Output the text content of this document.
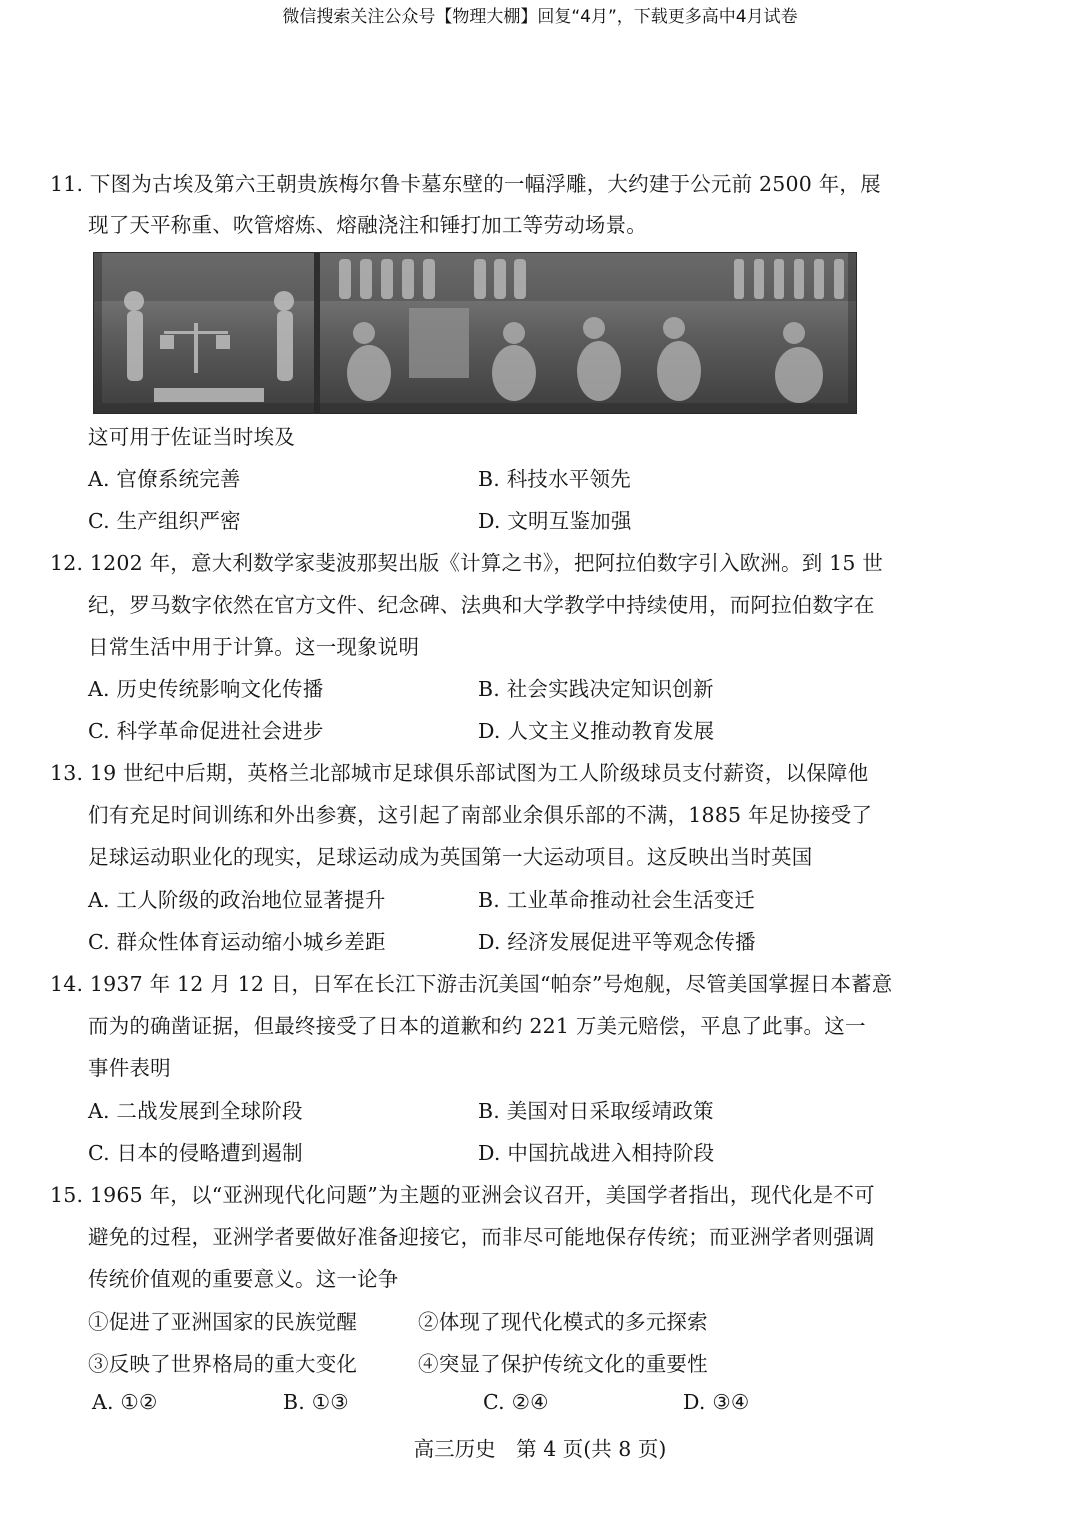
微信搜索关注公众号【物理大棚】回复“4月”，下载更多高中4月试卷
11. 下图为古埃及第六王朝贵族梅尔鲁卡墓东壁的一幅浮雕，大约建于公元前 2500 年，展
现了天平称重、吹管熔炼、熔融浇注和锤打加工等劳动场景。
这可用于佐证当时埃及
A. 官僚系统完善	B. 科技水平领先
C. 生产组织严密	D. 文明互鉴加强
12. 1202 年，意大利数学家斐波那契出版《计算之书》，把阿拉伯数字引入欧洲。到 15 世
纪，罗马数字依然在官方文件、纪念碑、法典和大学教学中持续使用，而阿拉伯数字在
日常生活中用于计算。这一现象说明
A. 历史传统影响文化传播	B. 社会实践决定知识创新
C. 科学革命促进社会进步	D. 人文主义推动教育发展
13. 19 世纪中后期，英格兰北部城市足球俱乐部试图为工人阶级球员支付薪资，以保障他
们有充足时间训练和外出参赛，这引起了南部业余俱乐部的不满，1885 年足协接受了
足球运动职业化的现实，足球运动成为英国第一大运动项目。这反映出当时英国
A. 工人阶级的政治地位显著提升	B. 工业革命推动社会生活变迁
C. 群众性体育运动缩小城乡差距	D. 经济发展促进平等观念传播
14. 1937 年 12 月 12 日，日军在长江下游击沉美国“帕奈”号炮舰，尽管美国掌握日本蓄意
而为的确凿证据，但最终接受了日本的道歉和约 221 万美元赔偿，平息了此事。这一
事件表明
A. 二战发展到全球阶段	B. 美国对日采取绥靖政策
C. 日本的侵略遭到遏制	D. 中国抗战进入相持阶段
15. 1965 年，以“亚洲现代化问题”为主题的亚洲会议召开，美国学者指出，现代化是不可
避免的过程，亚洲学者要做好准备迎接它，而非尽可能地保存传统；而亚洲学者则强调
传统价值观的重要意义。这一论争
①促进了亚洲国家的民族觉醒	②体现了现代化模式的多元探索
③反映了世界格局的重大变化	④突显了保护传统文化的重要性
A. ①②	B. ①③	C. ②④	D. ③④
高三历史　第 4 页(共 8 页)
